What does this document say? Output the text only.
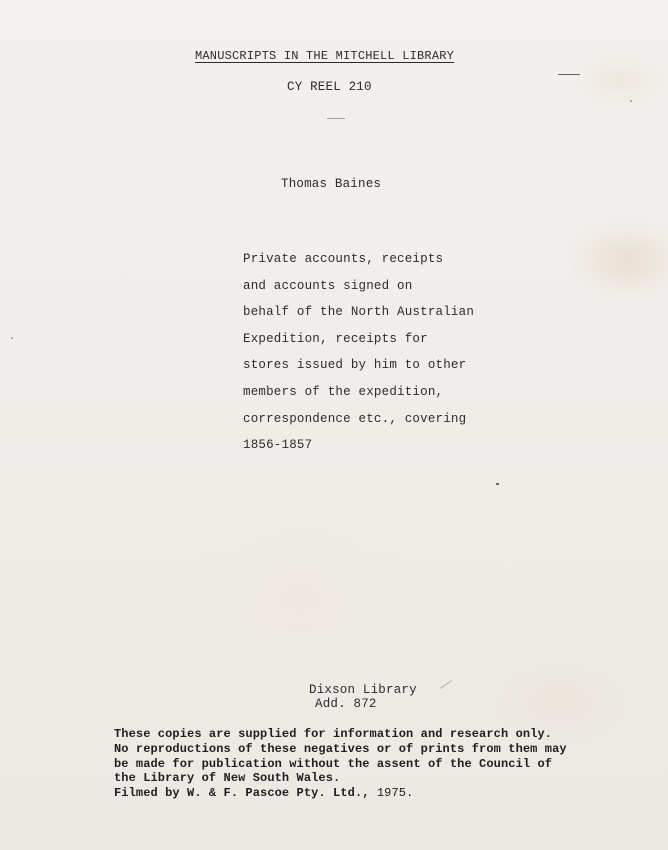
MANUSCRIPTS IN THE MITCHELL LIBRARY
CY REEL 210
Thomas Baines
Private accounts, receipts
and accounts signed on
behalf of the North Australian
Expedition, receipts for
stores issued by him to other
members of the expedition,
correspondence etc., covering
1856-1857
Dixson Library
Add. 872
These copies are supplied for information and research only.
No reproductions of these negatives or of prints from them may
be made for publication without the assent of the Council of
the Library of New South Wales.
Filmed by W. & F. Pascoe Pty. Ltd., 1975.
